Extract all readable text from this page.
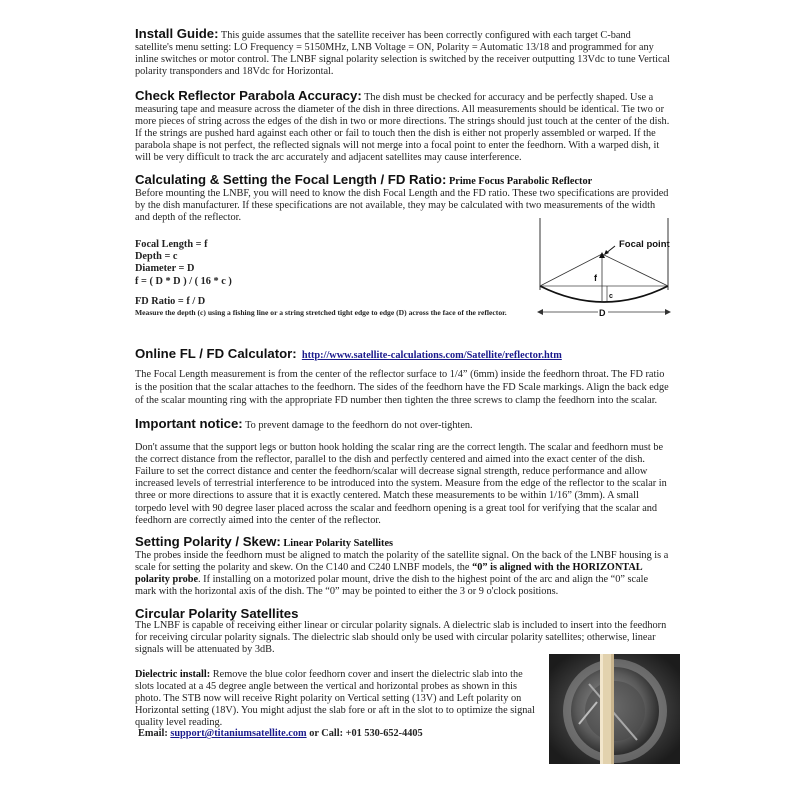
Install Guide: This guide assumes that the satellite receiver has been correctly configured with each target C-band satellite's menu setting: LO Frequency = 5150MHz, LNB Voltage = ON, Polarity = Automatic 13/18 and programmed for any inline switches or motor control. The LNBF signal polarity selection is switched by the receiver outputting 13Vdc to tune Vertical polarity transponders and 18Vdc for Horizontal.

Check Reflector Parabola Accuracy: The dish must be checked for accuracy and be perfectly shaped. Use a measuring tape and measure across the diameter of the dish in three directions. All measurements should be identical. Tie two or more pieces of string across the edges of the dish in two or more directions. The strings should just touch at the center of the dish. If the strings are pushed hard against each other or fail to touch then the dish is either not properly assembled or warped. If the parabola shape is not perfect, the reflected signals will not merge into a focal point to enter the feedhorn. With a warped dish, it will be very difficult to track the arc accurately and adjacent satellites may cause interference.

Calculating & Setting the Focal Length / FD Ratio: Prime Focus Parabolic Reflector

Before mounting the LNBF, you will need to know the dish Focal Length and the FD ratio. These two specifications are provided by the dish manufacturer. If these specifications are not available, they may be calculated with two measurements of the width and depth of the reflector.

Focal Length = f

Depth = c

Diameter = D

f = ( D * D ) / ( 16 * c )

FD Ratio = f / D

Measure the depth (c) using a fishing line or a string stretched tight edge to edge (D) across the face of the reflector.

Focal point
f
c
D

Online FL / FD Calculator: http://www.satellite-calculations.com/Satellite/reflector.htm

The Focal Length measurement is from the center of the reflector surface to 1/4” (6mm) inside the feedhorn throat. The FD ratio is the position that the scalar attaches to the feedhorn. The sides of the feedhorn have the FD Scale markings. Align the back edge of the scalar mounting ring with the appropriate FD number then tighten the three screws to clamp the feedhorn into the scalar.

Important notice: To prevent damage to the feedhorn do not over-tighten.

Don't assume that the support legs or button hook holding the scalar ring are the correct length. The scalar and feedhorn must be the correct distance from the reflector, parallel to the dish and perfectly centered and aimed into the exact center of the dish. Failure to set the correct distance and center the feedhorn/scalar will decrease signal strength, reduce performance and allow increased levels of terrestrial interference to be introduced into the system. Measure from the edge of the reflector to the scalar in three or more directions to assure that it is exactly centered. Match these measurements to be within 1/16” (3mm). A small torpedo level with 90 degree laser placed across the scalar and feedhorn opening is a great tool for verifying that the scalar and feedhorn are correctly aimed into the center of the reflector.

Setting Polarity / Skew: Linear Polarity Satellites

The probes inside the feedhorn must be aligned to match the polarity of the satellite signal. On the back of the LNBF housing is a scale for setting the polarity and skew. On the C140 and C240 LNBF models, the “0” is aligned with the HORIZONTAL polarity probe. If installing on a motorized polar mount, drive the dish to the highest point of the arc and align the “0” scale mark with the horizontal axis of the dish. The “0” may be pointed to either the 3 or 9 o'clock positions.

Circular Polarity Satellites

The LNBF is capable of receiving either linear or circular polarity signals. A dielectric slab is included to insert into the feedhorn for receiving circular polarity signals. The dielectric slab should only be used with circular polarity satellites; otherwise, linear signals will be attenuated by 3dB.

Dielectric install: Remove the blue color feedhorn cover and insert the dielectric slab into the slots located at a 45 degree angle between the vertical and horizontal probes as shown in this photo. The STB now will receive Right polarity on Vertical setting (13V) and Left polarity on Horizontal setting (18V). You might adjust the slab fore or aft in the slot to to optimize the signal quality level reading.

Email: support@titaniumsatellite.com or Call: +01 530-652-4405
